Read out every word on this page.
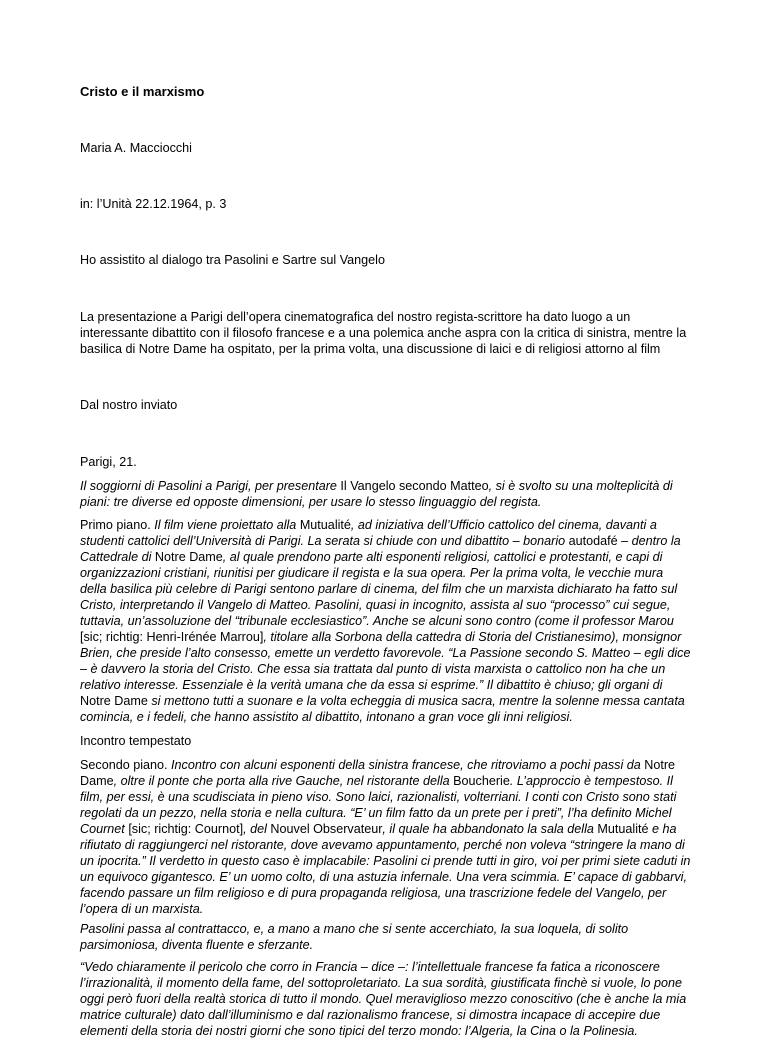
Cristo e il marxismo
Maria A. Macciocchi
in: l’Unità 22.12.1964, p. 3
Ho assistito al dialogo tra Pasolini e Sartre sul Vangelo
La presentazione a Parigi dell’opera cinematografica del nostro regista-scrittore ha dato luogo a un interessante dibattito con il filosofo francese e a una polemica anche aspra con la critica di sinistra, mentre la basilica di Notre Dame ha ospitato, per la prima volta, una discussione di laici e di religiosi attorno al film
Dal nostro inviato
Parigi, 21.

Il soggiorni di Pasolini a Parigi, per presentare Il Vangelo secondo Matteo, si è svolto su una molteplicità di piani: tre diverse ed opposte dimensioni, per usare lo stesso linguaggio del regista.

Primo piano. Il film viene proiettato alla Mutualité, ad iniziativa dell’Ufficio cattolico del cinema, davanti a studenti cattolici dell’Università di Parigi. La serata si chiude con und dibattito – bonario autodafé – dentro la Cattedrale di Notre Dame, al quale prendono parte alti esponenti religiosi, cattolici e protestanti, e capi di organizzazioni cristiani, riunitisi per giudicare il regista e la sua opera. Per la prima volta, le vecchie mura della basilica più celebre di Parigi sentono parlare di cinema, del film che un marxista dichiarato ha fatto sul Cristo, interpretando il Vangelo di Matteo. Pasolini, quasi in incognito, assista al suo “processo” cui segue, tuttavia, un’assoluzione del “tribunale ecclesiastico”. Anche se alcuni sono contro (come il professor Marou [sic; richtig: Henri-Irénée Marrou], titolare alla Sorbona della cattedra di Storia del Cristianesimo), monsignor Brien, che preside l’alto consesso, emette un verdetto favorevole. “La Passione secondo S. Matteo – egli dice – è davvero la storia del Cristo. Che essa sia trattata dal punto di vista marxista o cattolico non ha che un relativo interesse. Essenziale è la verità umana che da essa si esprime.” Il dibattito è chiuso; gli organi di Notre Dame si mettono tutti a suonare e la volta echeggia di musica sacra, mentre la solenne messa cantata comincia, e i fedeli, che hanno assistito al dibattito, intonano a gran voce gli inni religiosi.

Incontro tempestato

Secondo piano. Incontro con alcuni esponenti della sinistra francese, che ritroviamo a pochi passi da Notre Dame, oltre il ponte che porta alla rive Gauche, nel ristorante della Boucherie. L’approccio è tempestoso. Il film, per essi, è una scudisciata in pieno viso. Sono laici, razionalisti, volterriani. I conti con Cristo sono stati regolati da un pezzo, nella storia e nella cultura. “E’ un film fatto da un prete per i preti”, l’ha definito Michel Cournet [sic; richtig: Cournot], del Nouvel Observateur, il quale ha abbandonato la sala della Mutualité e ha rifiutato di raggiungerci nel ristorante, dove avevamo appuntamento, perché non voleva “stringere la mano di un ipocrita.” Il verdetto in questo caso è implacabile: Pasolini ci prende tutti in giro, voi per primi siete caduti in un equivoco gigantesco. E’ un uomo colto, di una astuzia infernale. Una vera scimmia. E’ capace di gabbarvi, facendo passare un film religioso e di pura propaganda religiosa, una trascrizione fedele del Vangelo, per l’opera di un marxista.

Pasolini passa al contrattacco, e, a mano a mano che si sente accerchiato, la sua loquela, di solito parsimoniosa, diventa fluente e sferzante.

“Vedo chiaramente il pericolo che corro in Francia – dice –: l’intellettuale francese fa fatica a riconoscere l’irrazionalità, il momento della fame, del sottoproletariato. La sua sordità, giustificata finchè si vuole, lo pone oggi però fuori della realtà storica di tutto il mondo. Quel meraviglioso mezzo conoscitivo (che è anche la mia matrice culturale) dato dall’illuminismo e dal razionalismo francese, si dimostra incapace di accepire due elementi della storia dei nostri giorni che sono tipici del terzo mondo: l’Algeria, la Cina o la Polinesia.
